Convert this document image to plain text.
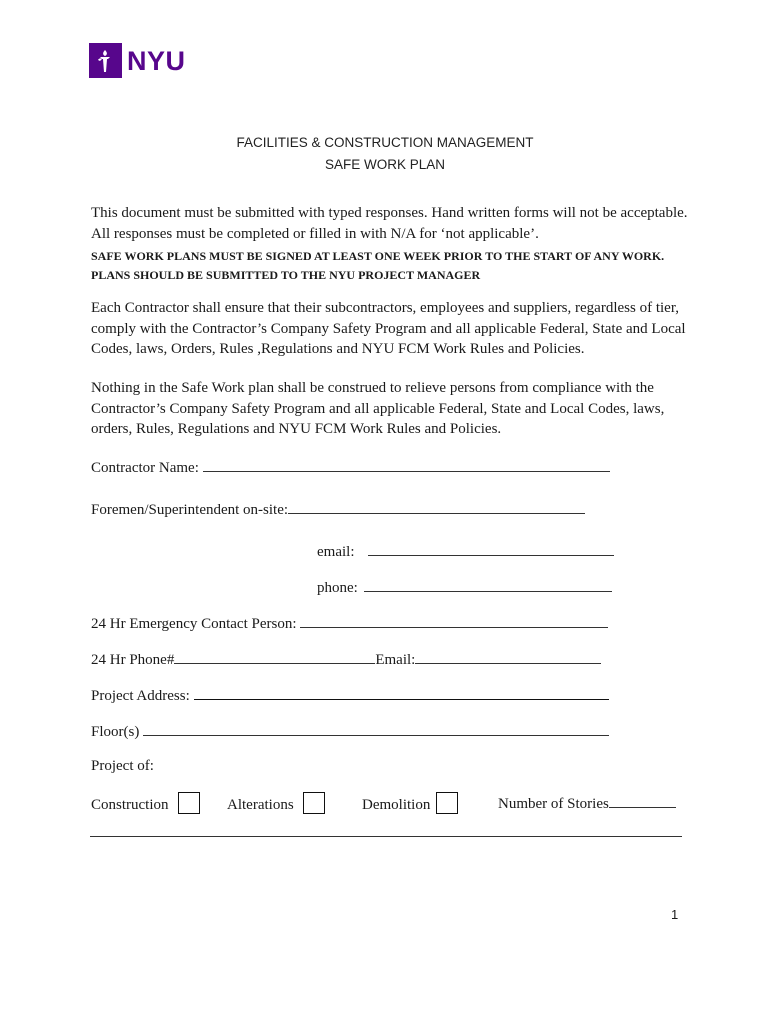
NYU
FACILITIES & CONSTRUCTION MANAGEMENT
SAFE WORK PLAN
This document must be submitted with typed responses. Hand written forms will not be acceptable. All responses must be completed or filled in with N/A for ‘not applicable’.
SAFE WORK PLANS MUST BE SIGNED AT LEAST ONE WEEK PRIOR TO THE START OF ANY WORK.
PLANS SHOULD BE SUBMITTED TO THE NYU PROJECT MANAGER
Each Contractor shall ensure that their subcontractors, employees and suppliers, regardless of tier, comply with the Contractor’s Company Safety Program and all applicable Federal, State and Local Codes, laws, Orders, Rules ,Regulations and NYU FCM Work Rules and Policies.
Nothing in the Safe Work plan shall be construed to relieve persons from compliance with the Contractor’s Company Safety Program and all applicable Federal, State and Local Codes, laws, orders, Rules, Regulations and NYU FCM Work Rules and Policies.
Contractor Name:
Foremen/Superintendent on-site:
email:
phone:
24 Hr Emergency Contact Person:
24 Hr Phone#	Email:
Project Address:
Floor(s)
Project of:
Construction	Alterations	Demolition	Number of Stories
1
